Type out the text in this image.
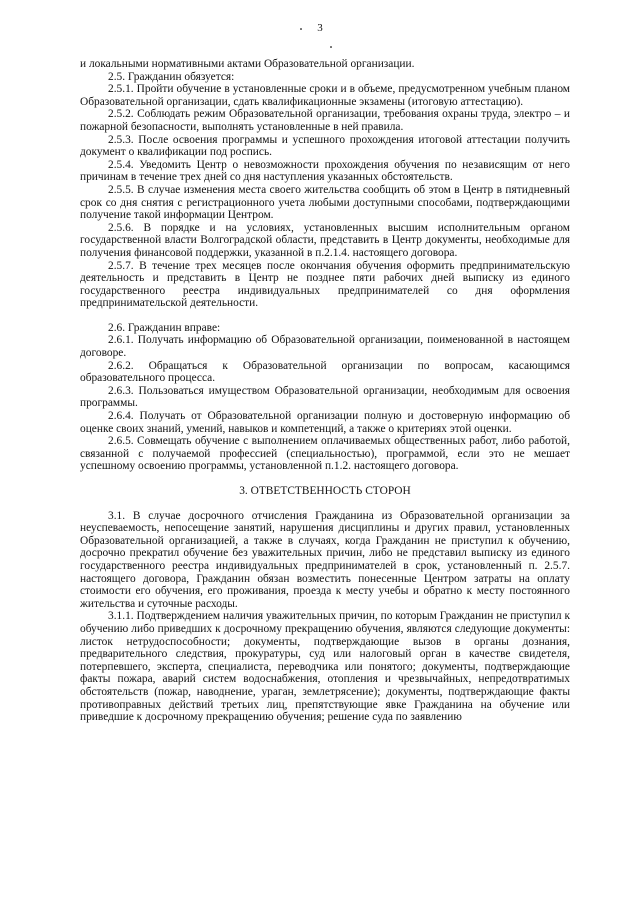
3

и локальными нормативными актами Образовательной организации.

2.5. Гражданин обязуется:

2.5.1. Пройти обучение в установленные сроки и в объеме, предусмотренном учебным планом Образовательной организации, сдать квалификационные экзамены (итоговую аттестацию).

2.5.2. Соблюдать режим Образовательной организации, требования охраны труда, электро – и пожарной безопасности, выполнять установленные в ней правила.

2.5.3. После освоения программы и успешного прохождения итоговой аттестации получить документ о квалификации под роспись.

2.5.4. Уведомить Центр о невозможности прохождения обучения по независящим от него причинам в течение трех дней со дня наступления указанных обстоятельств.

2.5.5. В случае изменения места своего жительства сообщить об этом в Центр в пятидневный срок со дня снятия с регистрационного учета любыми доступными способами, подтверждающими получение такой информации Центром.

2.5.6. В порядке и на условиях, установленных высшим исполнительным органом государственной власти Волгоградской области, представить в Центр документы, необходимые для получения финансовой поддержки, указанной в п.2.1.4. настоящего договора.

2.5.7. В течение трех месяцев после окончания обучения оформить предпринимательскую деятельность и представить в Центр не позднее пяти рабочих дней выписку из единого государственного реестра индивидуальных предпринимателей со дня оформления предпринимательской деятельности.

2.6. Гражданин вправе:

2.6.1. Получать информацию об Образовательной организации, поименованной в настоящем договоре.

2.6.2. Обращаться к Образовательной организации по вопросам, касающимся образовательного процесса.

2.6.3. Пользоваться имуществом Образовательной организации, необходимым для освоения программы.

2.6.4. Получать от Образовательной организации полную и достоверную информацию об оценке своих знаний, умений, навыков и компетенций, а также о критериях этой оценки.

2.6.5. Совмещать обучение с выполнением оплачиваемых общественных работ, либо работой, связанной с получаемой профессией (специальностью), программой, если это не мешает успешному освоению программы, установленной п.1.2. настоящего договора.

3. ОТВЕТСТВЕННОСТЬ СТОРОН

3.1. В случае досрочного отчисления Гражданина из Образовательной организации за неуспеваемость, непосещение занятий, нарушения дисциплины и других правил, установленных Образовательной организацией, а также в случаях, когда Гражданин не приступил к обучению, досрочно прекратил обучение без уважительных причин, либо не представил выписку из единого государственного реестра индивидуальных предпринимателей в срок, установленный п. 2.5.7. настоящего договора, Гражданин обязан возместить понесенные Центром затраты на оплату стоимости его обучения, его проживания, проезда к месту учебы и обратно к месту постоянного жительства и суточные расходы.

3.1.1. Подтверждением наличия уважительных причин, по которым Гражданин не приступил к обучению либо приведших к досрочному прекращению обучения, являются следующие документы: листок нетрудоспособности; документы, подтверждающие вызов в органы дознания, предварительного следствия, прокуратуры, суд или налоговый орган в качестве свидетеля, потерпевшего, эксперта, специалиста, переводчика или понятого; документы, подтверждающие факты пожара, аварий систем водоснабжения, отопления и чрезвычайных, непредотвратимых обстоятельств (пожар, наводнение, ураган, землетрясение); документы, подтверждающие факты противоправных действий третьих лиц, препятствующие явке Гражданина на обучение или приведшие к досрочному прекращению обучения; решение суда по заявлению
